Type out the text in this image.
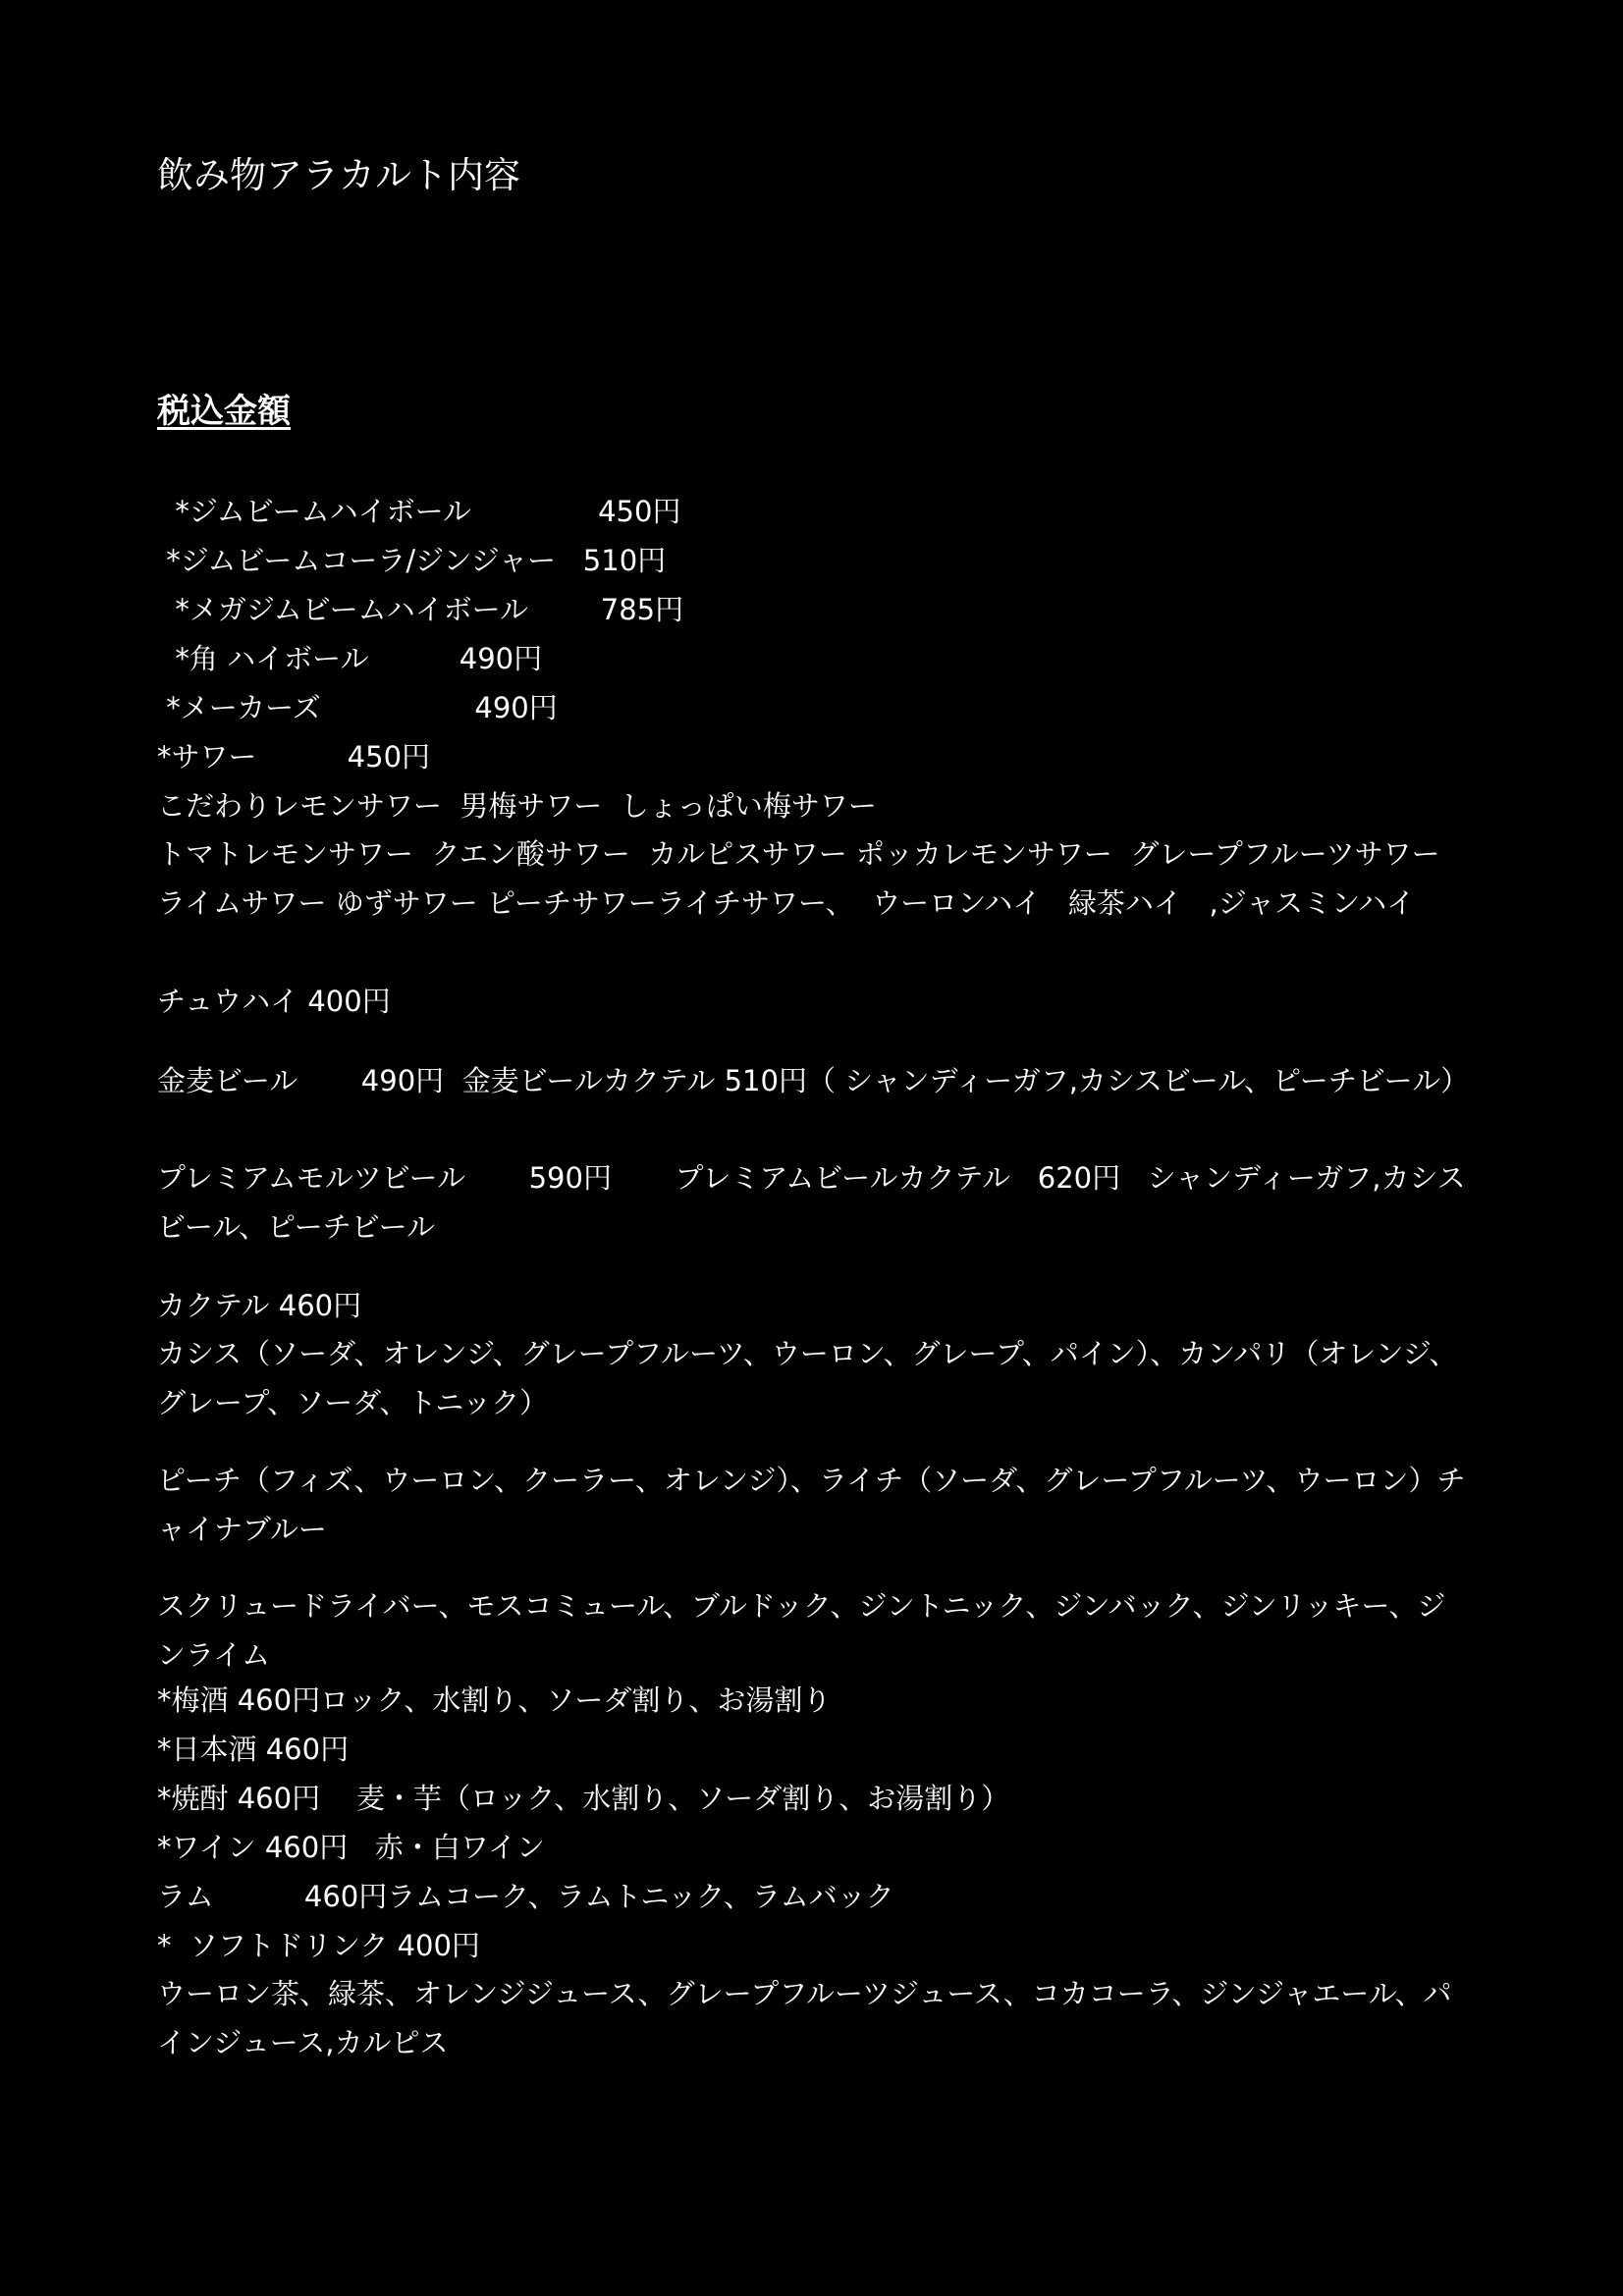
飲み物アラカルト内容
税込金額
*ジムビームハイボール              450円
*ジムビームコーラ/ジンジャー   510円
*メガジムビームハイボール        785円
*角 ハイボール          490円
*メーカーズ                 490円
*サワー          450円
こだわりレモンサワー  男梅サワー  しょっぱい梅サワー
トマトレモンサワー  クエン酸サワー  カルピスサワー ポッカレモンサワー  グレープフルーツサワー ライムサワー ゆずサワー ピーチサワーライチサワー、  ウーロンハイ   緑茶ハイ   ,ジャスミンハイ
チュウハイ 400円
金麦ビール       490円  金麦ビールカクテル 510円（ シャンディーガフ,カシスビール、ピーチビール）
プレミアムモルツビール       590円       プレミアムビールカクテル   620円   シャンディーガフ,カシスビール、ピーチビール
カクテル 460円
カシス（ソーダ、オレンジ、グレープフルーツ、ウーロン、グレープ、パイン）、カンパリ（オレンジ、グレープ、ソーダ、トニック）
ピーチ（フィズ、ウーロン、クーラー、オレンジ）、ライチ（ソーダ、グレープフルーツ、ウーロン）チャイナブルー
スクリュードライバー、モスコミュール、ブルドック、ジントニック、ジンバック、ジンリッキー、ジンライム
*梅酒 460円ロック、水割り、ソーダ割り、お湯割り
*日本酒 460円
*焼酎 460円    麦・芋（ロック、水割り、ソーダ割り、お湯割り）
*ワイン 460円   赤・白ワイン
ラム          460円ラムコーク、ラムトニック、ラムバック
*  ソフトドリンク 400円
ウーロン茶、緑茶、オレンジジュース、グレープフルーツジュース、コカコーラ、ジンジャエール、パインジュース,カルピス
